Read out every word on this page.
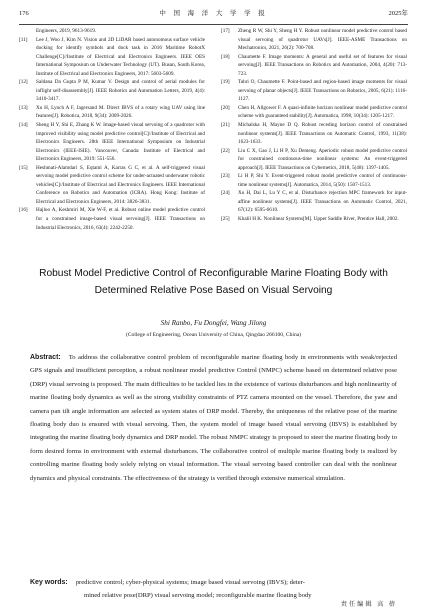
176	中 国 海 洋 大 学 学 报	2025年
Engineers, 2019, 9613-9619.
[11] Lee J, Woo J, Kim N. Vision and 2D LiDAR based autonomous surface vehicle docking for identify symbols and dock task in 2016 Maritime RobotX Challenge[C]//Institute of Electrical and Electronics Engineers. IEEE OES International Symposium on Underwater Technology (UT). Busan, South Korea, Institute of Electrical and Electronics Engineers, 2017: 5603-5609.
[12] Saldana Da Gupta P M, Kumar V. Design and control of aerial modules for inflight self-disassembly[J]. IEEE Robotics and Automation Letters, 2019, 4(4): 3410-3417.
[13] Xu H, Lynch A F, Jagersand M. Direct IBVS of a rotary wing UAV using line features[J]. Robotica, 2018, 9(34): 2009-2026.
[14] Sheng H Y, Shi E, Zhang K W. Image-based visual servoing of a quadrotor with improved visibility using model predictive control[C]//Institute of Electrical and Electronics Engineers. 28th IEEE International Symposium on Industrial Electronics (IEEE-ISIE). Vancouver, Canada: Institute of Electrical and Electronics Engineers, 2019: 551-556.
[15] Heshmati-Alamdari S, Eqtami A, Karras G C, et al. A self-triggered visual servoing model predictive control scheme for under-actuated underwater robotic vehicles[C]//Institute of Electrical and Electronics Engineers. IEEE International Conference on Robotics and Automation (ICRA). Hong Kong: Institute of Electrical and Electronics Engineers, 2014: 3826-3831.
[16] Hajloo A, Keshmiri M, Xie W-F, et al. Robust online model predictive control for a constrained image-based visual servoing[J]. IEEE Transactions on Industrial Electronics, 2016, 63(4): 2242-2250.
[17] Zheng R W, Shi Y, Sheng H Y. Robust nonlinear model predictive control based visual servoing of quadrotor UAVs[J]. IEEE-ASME Transactions on Mechatronics, 2021, 26(2): 700-708.
[18] Chaumette F. Image moments: A general and useful set of features for visual servoing[J]. IEEE Transactions on Robotics and Automation, 2004, 4(20): 713-723.
[19] Tahri O, Chaumette F. Point-based and region-based image moments for visual servoing of planar objects[J]. IEEE Transactions on Robotics, 2005, 6(21): 1116-1127.
[20] Chen H, Allgower F. A quasi-infinite horizon nonlinear model predictive control scheme with guaranteed stability[J]. Automatica, 1998, 10(34): 1205-1217.
[21] Michalska H, Mayne D Q. Robust receding horizon control of constrained nonlinear systems[J]. IEEE Transactions on Automatic Control, 1993, 11(38): 1623-1633.
[22] Liu C X, Gao J, Li H P, Xu Demeng. Aperiodic robust model predictive control for constrained continuous-time nonlinear systems: An event-triggered approach[J]. IEEE Transactions on Cybernetics, 2018, 5(48): 1397-1405.
[23] Li H P, Shi Y. Event-triggered robust model predictive control of continuous-time nonlinear systems[J]. Automatica, 2014, 5(50): 1507-1513.
[24] Xu H, Dai L, Lu Y C, et al. Disturbance rejection MPC framework for input-affine nonlinear systems[J]. IEEE Transactions on Automatic Control, 2021, 67(12): 6595-6610.
[25] Khalil H K. Nonlinear Systems[M]. Upper Saddle River, Prentice Hall, 2002.
Robust Model Predictive Control of Reconfigurable Marine Floating Body with
Determined Relative Pose Based on Visual Servoing
Shi Ranbo, Fu Dongfei, Wang Jilong
(College of Engineering, Ocean University of China, Qingdao 266100, China)
Abstract: To address the collaborative control problem of reconfigurable marine floating body in environments with weak/rejected GPS signals and insufficient perception, a robust nonlinear model predictive Control (NMPC) scheme based on determined relative pose (DRP) visual servoing is proposed. The main difficulties to be tackled lies in the existence of various disturbances and high nonlinearity of marine floating body dynamics as well as the strong visibility constraints of PTZ camera mounted on the vessel. Therefore, the yaw and camera pan tilt angle information are selected as system states of DRP model. Thereby, the uniqueness of the relative pose of the marine floating body duo is ensured with visual servoing. Then, the system model of image based visual servoing (IBVS) is established by integrating the marine floating body dynamics and DRP model. The robust NMPC strategy is proposed to steer the marine floating body to form desired forms in environment with external disturbances. The collaborative control of multiple marine floating body is realized by controlling marine floating body solely relying on visual information. The visual servoing based controller can deal with the nonlinear dynamics and physical constraints. The effectiveness of the strategy is verified through extensive numerical simulation.
Key words: predictive control; cyber-physical systems; image based visual servoing (IBVS); deter-
mined relative pose(DRP) visual servoing model; reconfigurable marine floating body
责任编辑 高 蓓
